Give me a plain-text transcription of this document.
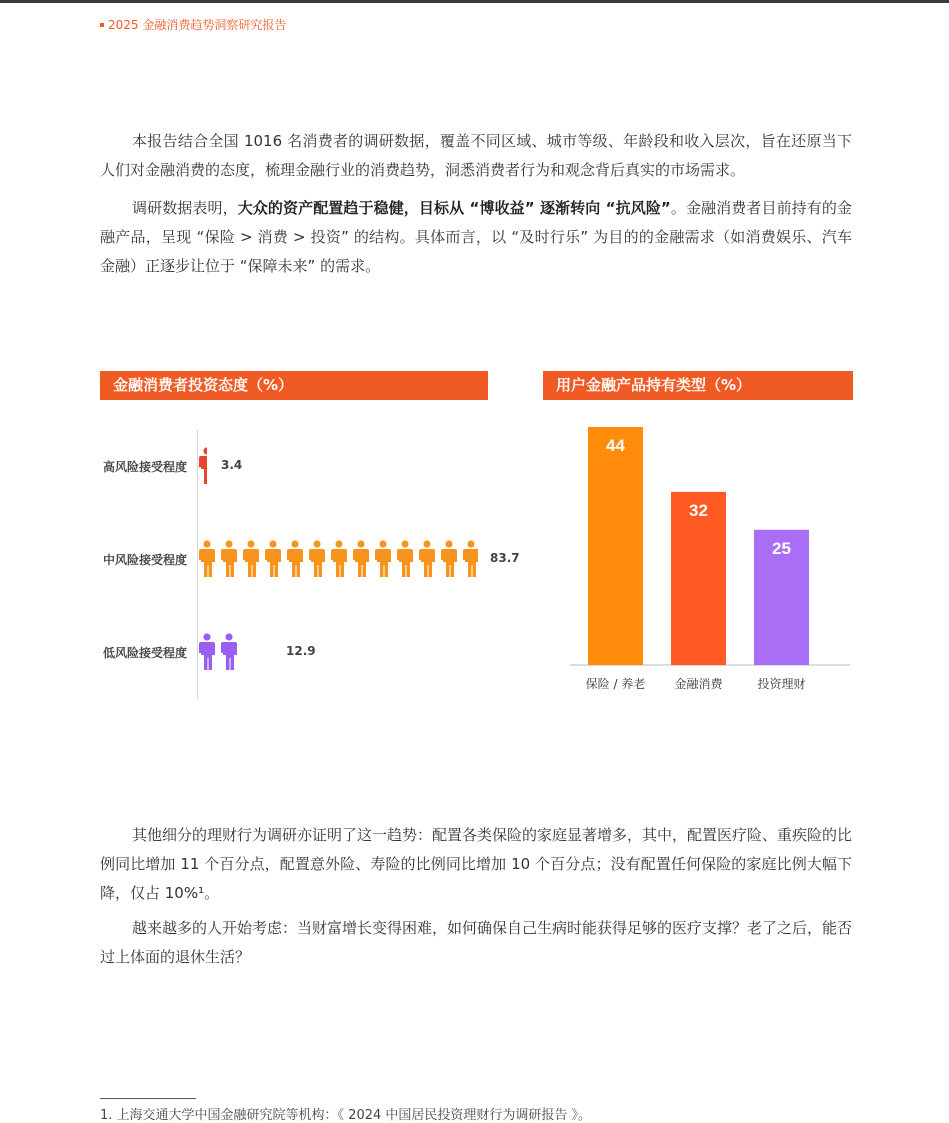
2025 金融消费趋势洞察研究报告

本报告结合全国 1016 名消费者的调研数据，覆盖不同区域、城市等级、年龄段和收入层次，旨在还原当下人们对金融消费的态度，梳理金融行业的消费趋势，洞悉消费者行为和观念背后真实的市场需求。

调研数据表明，大众的资产配置趋于稳健，目标从 “博收益” 逐渐转向 “抗风险”。金融消费者目前持有的金融产品，呈现 “保险 > 消费 > 投资” 的结构。具体而言，以 “及时行乐” 为目的的金融需求（如消费娱乐、汽车金融）正逐步让位于 “保障未来” 的需求。

金融消费者投资态度（%）
高风险接受程度	3.4
中风险接受程度	83.7
低风险接受程度	12.9
用户金融产品持有类型（%）
44
32
25
保险 / 养老	金融消费	投资理财

其他细分的理财行为调研亦证明了这一趋势：配置各类保险的家庭显著增多，其中，配置医疗险、重疾险的比例同比增加 11 个百分点，配置意外险、寿险的比例同比增加 10 个百分点；没有配置任何保险的家庭比例大幅下降，仅占 10%¹。

越来越多的人开始考虑：当财富增长变得困难，如何确保自己生病时能获得足够的医疗支撑？老了之后，能否过上体面的退休生活？

1. 上海交通大学中国金融研究院等机构：《 2024 中国居民投资理财行为调研报告 》。
